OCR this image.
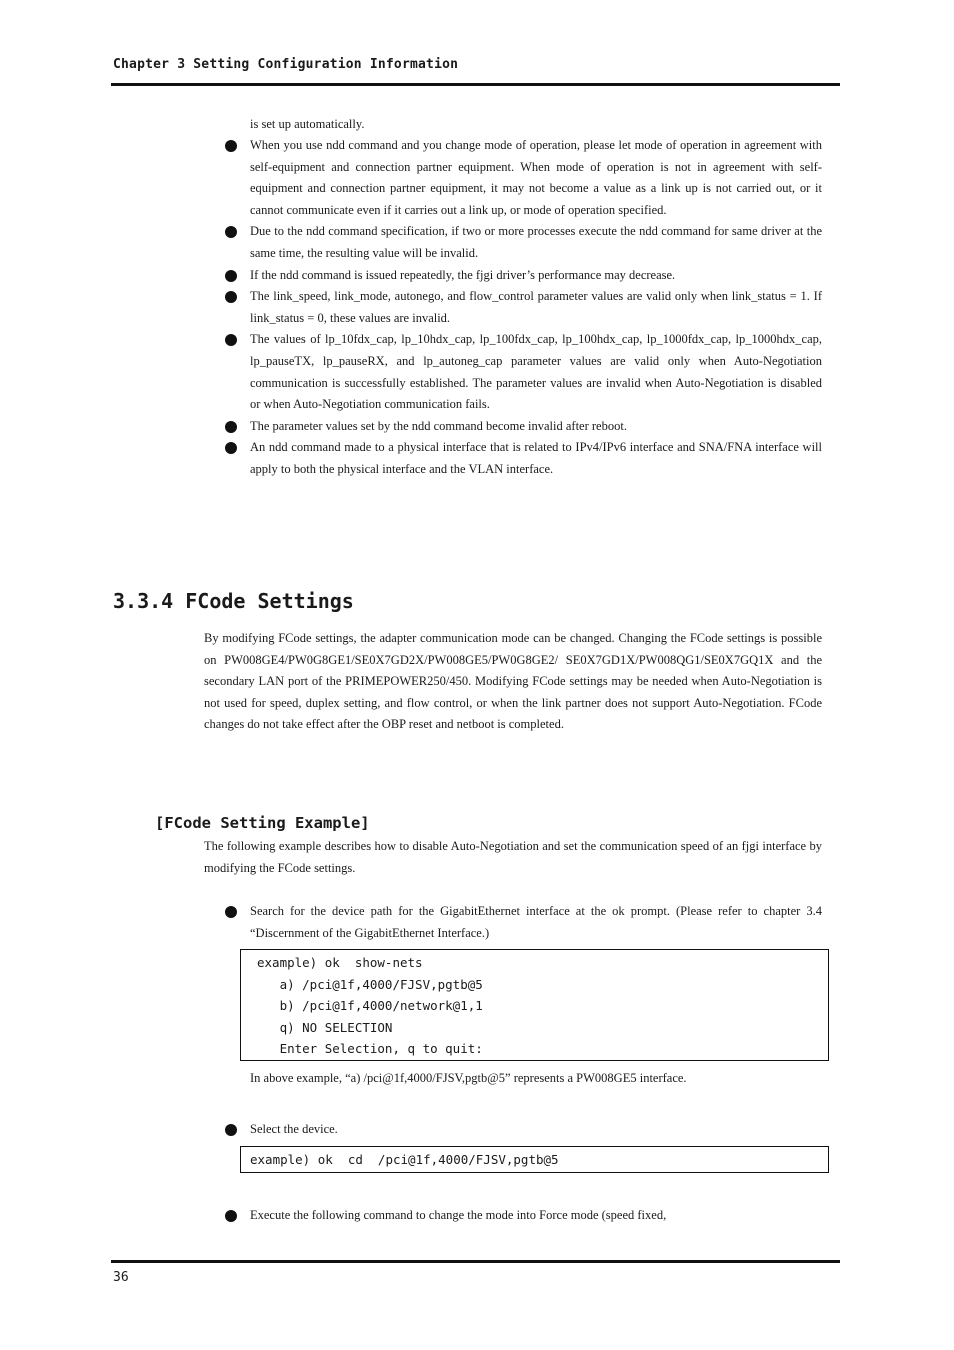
Chapter 3 Setting Configuration Information
is set up automatically.
When you use ndd command and you change mode of operation, please let mode of operation in agreement with self-equipment and connection partner equipment. When mode of operation is not in agreement with self-equipment and connection partner equipment, it may not become a value as a link up is not carried out, or it cannot communicate even if it carries out a link up, or mode of operation specified.
Due to the ndd command specification, if two or more processes execute the ndd command for same driver at the same time, the resulting value will be invalid.
If the ndd command is issued repeatedly, the fjgi driver’s performance may decrease.
The link_speed, link_mode, autonego, and flow_control parameter values are valid only when link_status = 1. If link_status = 0, these values are invalid.
The values of lp_10fdx_cap, lp_10hdx_cap, lp_100fdx_cap, lp_100hdx_cap, lp_1000fdx_cap, lp_1000hdx_cap, lp_pauseTX, lp_pauseRX, and lp_autoneg_cap parameter values are valid only when Auto-Negotiation communication is successfully established. The parameter values are invalid when Auto-Negotiation is disabled or when Auto-Negotiation communication fails.
The parameter values set by the ndd command become invalid after reboot.
An ndd command made to a physical interface that is related to IPv4/IPv6 interface and SNA/FNA interface will apply to both the physical interface and the VLAN interface.
3.3.4 FCode Settings

By modifying FCode settings, the adapter communication mode can be changed. Changing the FCode settings is possible on PW008GE4/PW0G8GE1/SE0X7GD2X/PW008GE5/PW0G8GE2/ SE0X7GD1X/PW008QG1/SE0X7GQ1X and the secondary LAN port of the PRIMEPOWER250/450. Modifying FCode settings may be needed when Auto-Negotiation is not used for speed, duplex setting, and flow control, or when the link partner does not support Auto-Negotiation. FCode changes do not take effect after the OBP reset and netboot is completed.

[FCode Setting Example]

The following example describes how to disable Auto-Negotiation and set the communication speed of an fjgi interface by modifying the FCode settings.

Search for the device path for the GigabitEthernet interface at the ok prompt. (Please refer to chapter 3.4 “Discernment of the GigabitEthernet Interface.)
example) ok  show-nets
a) /pci@1f,4000/FJSV,pgtb@5
b) /pci@1f,4000/network@1,1
q) NO SELECTION
Enter Selection, q to quit:
In above example, “a) /pci@1f,4000/FJSV,pgtb@5” represents a PW008GE5 interface.
Select the device.
example) ok  cd  /pci@1f,4000/FJSV,pgtb@5
Execute the following command to change the mode into Force mode (speed fixed,
36
